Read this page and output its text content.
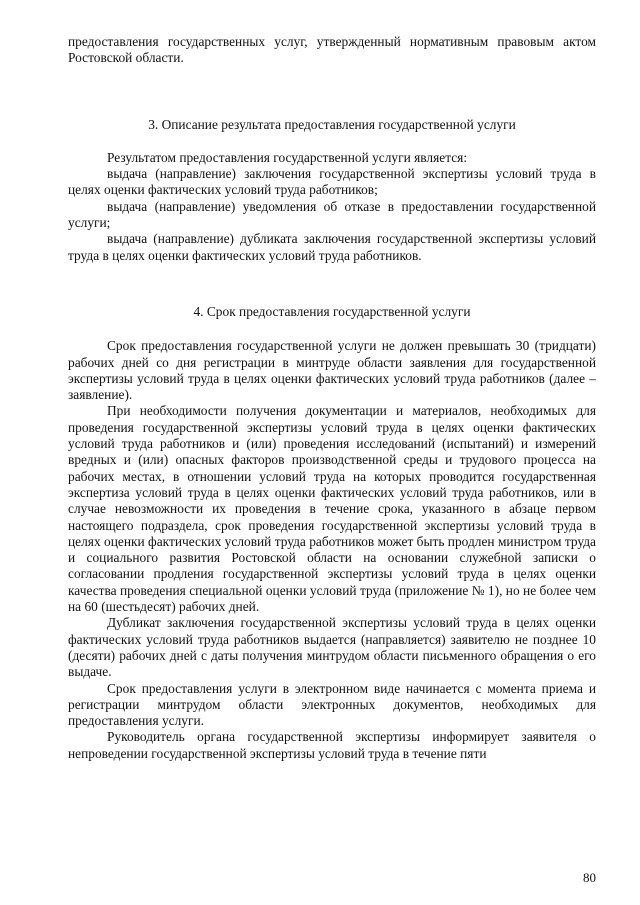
предоставления государственных услуг, утвержденный нормативным правовым актом Ростовской области.

3. Описание результата предоставления государственной услуги

Результатом предоставления государственной услуги является:

выдача (направление) заключения государственной экспертизы условий труда в целях оценки фактических условий труда работников;

выдача (направление) уведомления об отказе в предоставлении государственной услуги;

выдача (направление) дубликата заключения государственной экспертизы условий труда в целях оценки фактических условий труда работников.

4. Срок предоставления государственной услуги

Срок предоставления государственной услуги не должен превышать 30 (тридцати) рабочих дней со дня регистрации в минтруде области заявления для государственной экспертизы условий труда в целях оценки фактических условий труда работников (далее – заявление).

При необходимости получения документации и материалов, необходимых для проведения государственной экспертизы условий труда в целях оценки фактических условий труда работников и (или) проведения исследований (испытаний) и измерений вредных и (или) опасных факторов производственной среды и трудового процесса на рабочих местах, в отношении условий труда на которых проводится государственная экспертиза условий труда в целях оценки фактических условий труда работников, или в случае невозможности их проведения в течение срока, указанного в абзаце первом настоящего подраздела, срок проведения государственной экспертизы условий труда в целях оценки фактических условий труда работников может быть продлен министром труда и социального развития Ростовской области на основании служебной записки о согласовании продления государственной экспертизы условий труда в целях оценки качества проведения специальной оценки условий труда (приложение № 1), но не более чем на 60 (шестьдесят) рабочих дней.

Дубликат заключения государственной экспертизы условий труда в целях оценки фактических условий труда работников выдается (направляется) заявителю не позднее 10 (десяти) рабочих дней с даты получения минтрудом области письменного обращения о его выдаче.

Срок предоставления услуги в электронном виде начинается с момента приема и регистрации минтрудом области электронных документов, необходимых для предоставления услуги.

Руководитель органа государственной экспертизы информирует заявителя о непроведении государственной экспертизы условий труда в течение пяти

80
